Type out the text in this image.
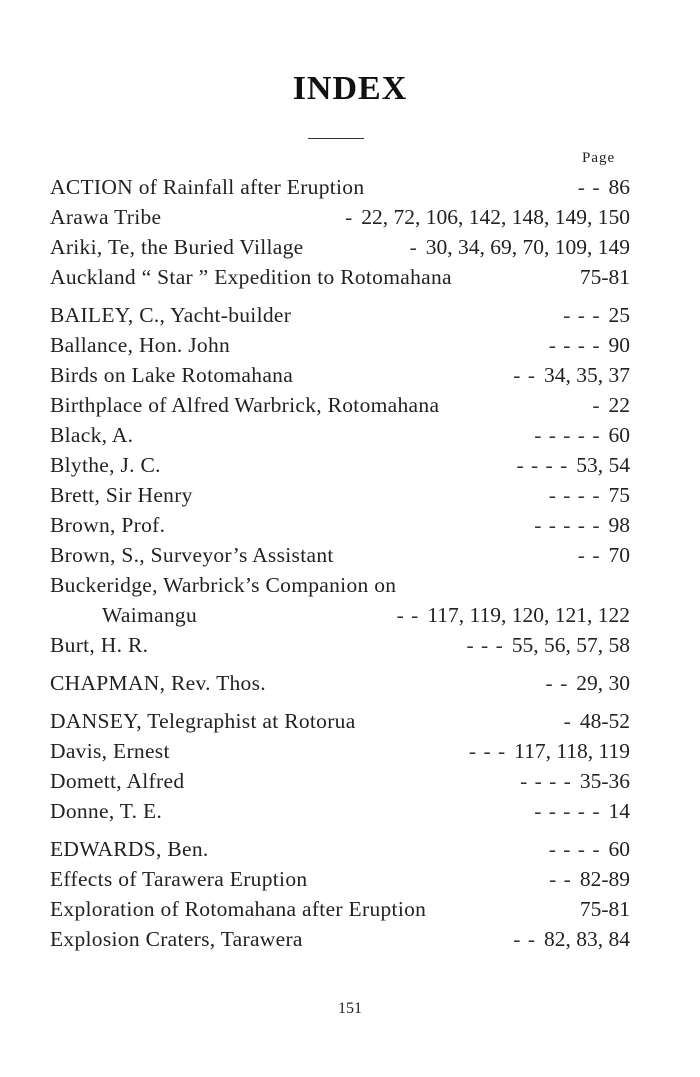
INDEX
Page
ACTION of Rainfall after Eruption	- - 86
Arawa Tribe	- 22, 72, 106, 142, 148, 149, 150
Ariki, Te, the Buried Village	- 30, 34, 69, 70, 109, 149
Auckland “ Star ” Expedition to Rotomahana	75-81
BAILEY, C., Yacht-builder	- - - 25
Ballance, Hon. John	- - - - 90
Birds on Lake Rotomahana	- - 34, 35, 37
Birthplace of Alfred Warbrick, Rotomahana	- 22
Black, A.	- - - - - 60
Blythe, J. C.	- - - - 53, 54
Brett, Sir Henry	- - - - 75
Brown, Prof.	- - - - - 98
Brown, S., Surveyor’s Assistant	- - 70
Buckeridge, Warbrick’s Companion on
Waimangu	- - 117, 119, 120, 121, 122
Burt, H. R.	- - - 55, 56, 57, 58
CHAPMAN, Rev. Thos.	- - 29, 30
DANSEY, Telegraphist at Rotorua	- 48-52
Davis, Ernest	- - - 117, 118, 119
Domett, Alfred	- - - - 35-36
Donne, T. E.	- - - - - 14
EDWARDS, Ben.	- - - - 60
Effects of Tarawera Eruption	- - 82-89
Exploration of Rotomahana after Eruption	75-81
Explosion Craters, Tarawera	- - 82, 83, 84
151
